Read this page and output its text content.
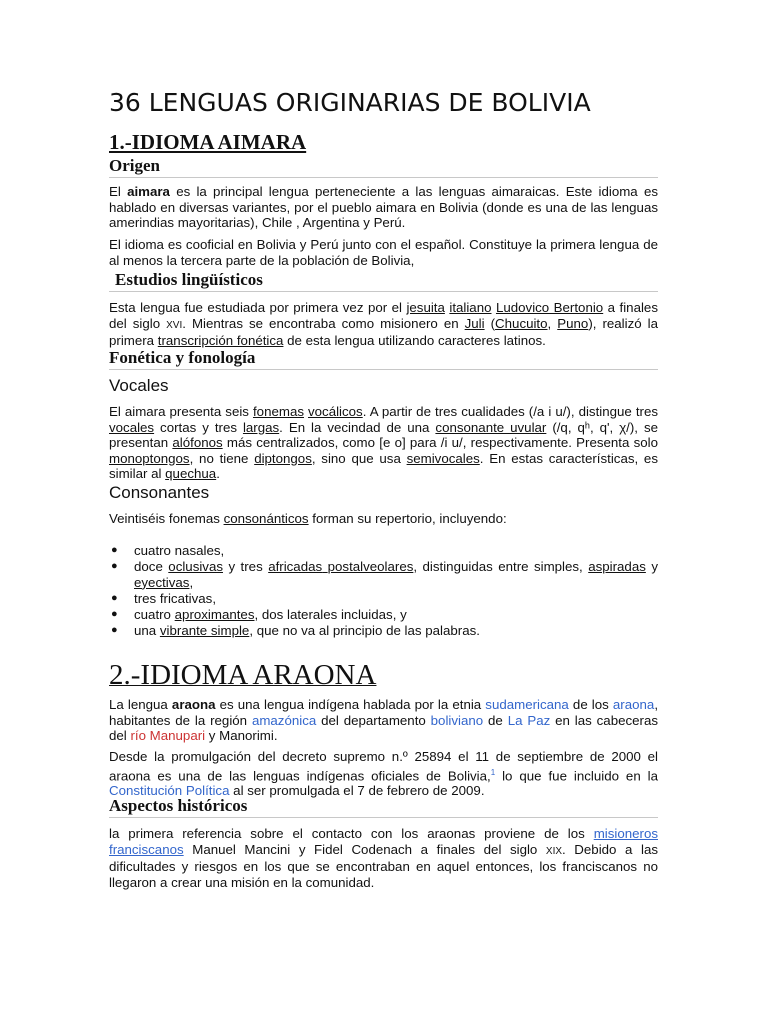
36 LENGUAS ORIGINARIAS DE BOLIVIA
1.-IDIOMA AIMARA
Origen
El aimara es la principal lengua perteneciente a las lenguas aimaraicas. Este idioma es hablado en diversas variantes, por el pueblo aimara en Bolivia (donde es una de las lenguas amerindias mayoritarias), Chile , Argentina y Perú.
El idioma es cooficial en Bolivia y Perú junto con el español. Constituye la primera lengua de al menos la tercera parte de la población de Bolivia,
Estudios lingüísticos
Esta lengua fue estudiada por primera vez por el jesuita italiano Ludovico Bertonio a finales del siglo XVI. Mientras se encontraba como misionero en Juli (Chucuito, Puno), realizó la primera transcripción fonética de esta lengua utilizando caracteres latinos.
Fonética y fonología
Vocales
El aimara presenta seis fonemas vocálicos. A partir de tres cualidades (/a i u/), distingue tres vocales cortas y tres largas. En la vecindad de una consonante uvular (/q, qʰ, q', χ/), se presentan alófonos más centralizados, como [e o] para /i u/, respectivamente. Presenta solo monoptongos, no tiene diptongos, sino que usa semivocales. En estas características, es similar al quechua.
Consonantes
Veintiséis fonemas consonánticos forman su repertorio, incluyendo:
● cuatro nasales,
● doce oclusivas y tres africadas postalveolares, distinguidas entre simples, aspiradas y eyectivas,
● tres fricativas,
● cuatro aproximantes, dos laterales incluidas, y
● una vibrante simple, que no va al principio de las palabras.
2.-IDIOMA ARAONA
La lengua araona es una lengua indígena hablada por la etnia sudamericana de los araona, habitantes de la región amazónica del departamento boliviano de La Paz en las cabeceras del río Manupari y Manorimi.
Desde la promulgación del decreto supremo n.º 25894 el 11 de septiembre de 2000 el araona es una de las lenguas indígenas oficiales de Bolivia,$^1$ lo que fue incluido en la Constitución Política al ser promulgada el 7 de febrero de 2009.
Aspectos históricos
la primera referencia sobre el contacto con los araonas proviene de los misioneros franciscanos Manuel Mancini y Fidel Codenach a finales del siglo XIX. Debido a las dificultades y riesgos en los que se encontraban en aquel entonces, los franciscanos no llegaron a crear una misión en la comunidad.
